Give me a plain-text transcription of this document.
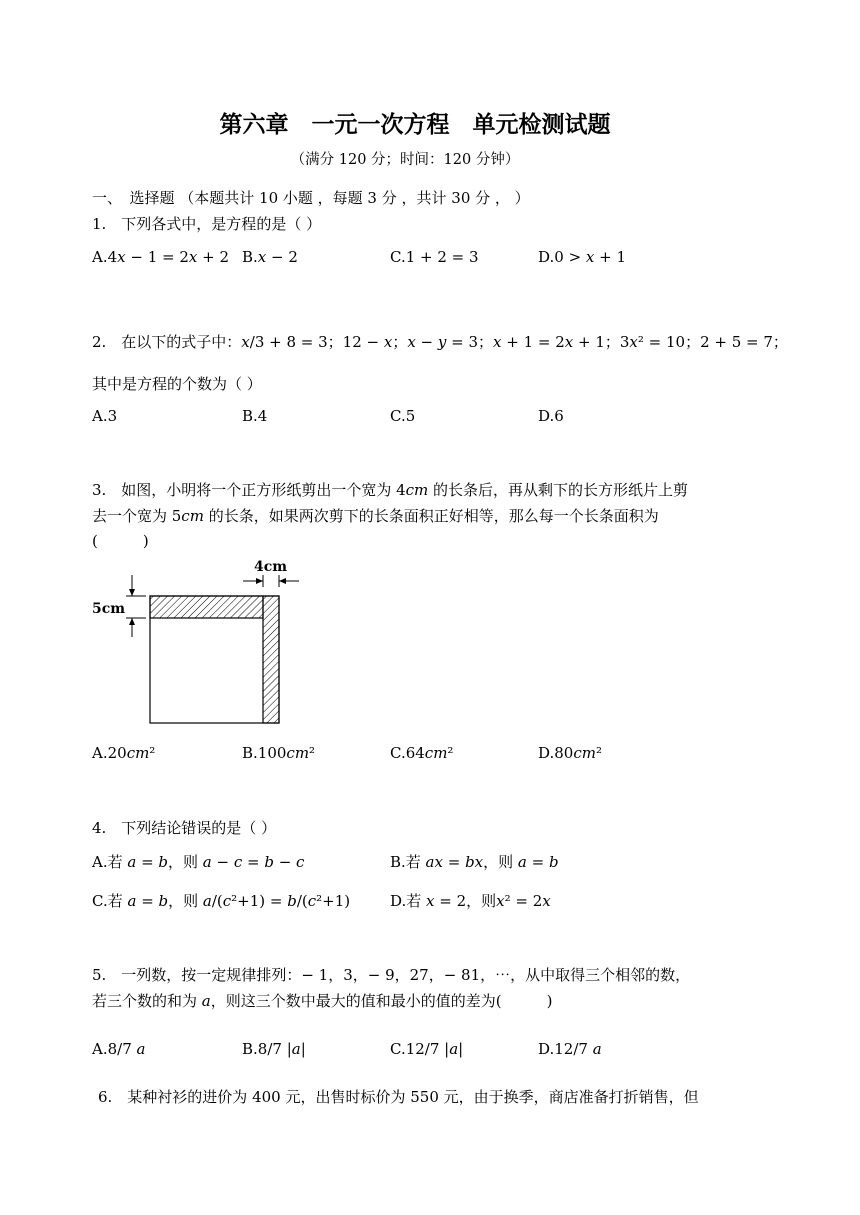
第六章　一元一次方程　单元检测试题
（满分 120 分；时间：120 分钟）
一、　选择题 （本题共计 10 小题 ，每题 3 分 ，共计 30 分 ， ）
1.　下列各式中，是方程的是（ ）
A.4𝑥 − 1 = 2𝑥 + 2 B.𝑥 − 2	C.1 + 2 = 3	D.0 > 𝑥 + 1
2.　在以下的式子中：𝑥/3 + 8 = 3；12 − 𝑥；𝑥 − 𝑦 = 3；𝑥 + 1 = 2𝑥 + 1；3𝑥² = 10；2 + 5 = 7；
其中是方程的个数为（ ）
A.3	B.4	C.5	D.6
3.　如图，小明将一个正方形纸剪出一个宽为 4𝑐𝑚 的长条后，再从剩下的长方形纸片上剪
去一个宽为 5𝑐𝑚 的长条，如果两次剪下的长条面积正好相等，那么每一个长条面积为
(　　　)
4cm
5cm
A.20𝑐𝑚²	B.100𝑐𝑚²	C.64𝑐𝑚²	D.80𝑐𝑚²
4.　下列结论错误的是（ ）
A.若 𝑎 = 𝑏，则 𝑎 − 𝑐 = 𝑏 − 𝑐	B.若 𝑎𝑥 = 𝑏𝑥，则 𝑎 = 𝑏
C.若 𝑎 = 𝑏，则 𝑎/(𝑐²+1) = 𝑏/(𝑐²+1)	D.若 𝑥 = 2，则𝑥² = 2𝑥
5.　一列数，按一定规律排列：− 1，3，− 9，27，− 81，⋯，从中取得三个相邻的数，
若三个数的和为 𝑎，则这三个数中最大的值和最小的值的差为(　　　)
A.8/7 𝑎	B.8/7 |𝑎|	C.12/7 |𝑎|	D.12/7 𝑎
6.　某种衬衫的进价为 400 元，出售时标价为 550 元，由于换季，商店准备打折销售，但
